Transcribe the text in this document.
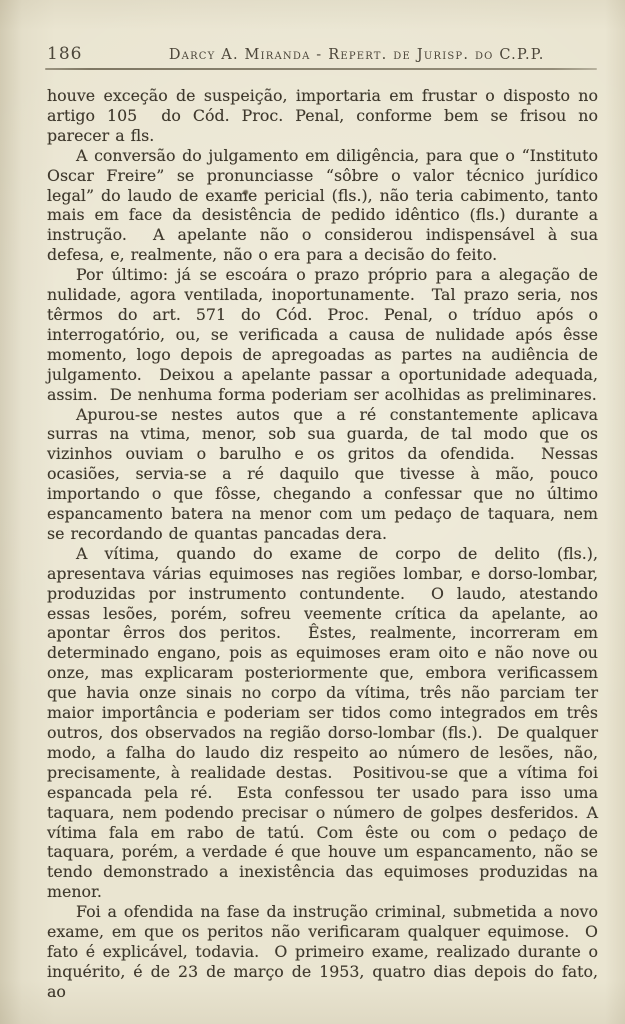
186	Darcy A. Miranda - Repert. de Jurisp. do C.P.P.

houve exceção de suspeição, importaria em frustar o disposto no artigo 105  do Cód. Proc. Penal, conforme bem se frisou no parecer a fls.

A conversão do julgamento em diligência, para que o “Instituto Oscar Freire” se pronunciasse “sôbre o valor técnico jurídico legal” do laudo de exame pericial (fls.), não teria cabimento, tanto mais em face da desistência de pedido idêntico (fls.) durante a instrução.  A apelante não o considerou indispensável à sua defesa, e, realmente, não o era para a decisão do feito.

Por último: já se escoára o prazo próprio para a alegação de nulidade, agora ventilada, inoportunamente.  Tal prazo seria, nos têrmos do art. 571 do Cód. Proc. Penal, o tríduo após o interrogatório, ou, se verificada a causa de nulidade após êsse momento, logo depois de apregoadas as partes na audiência de julgamento.  Deixou a apelante passar a oportunidade adequada, assim.  De nenhuma forma poderiam ser acolhidas as preliminares.

Apurou-se nestes autos que a ré constantemente aplicava surras na vtima, menor, sob sua guarda, de tal modo que os vizinhos ouviam o barulho e os gritos da ofendida.  Nessas ocasiões, servia-se a ré daquilo que tivesse à mão, pouco importando o que fôsse, chegando a confessar que no último espancamento batera na menor com um pedaço de taquara, nem se recordando de quantas pancadas dera.

A vítima, quando do exame de corpo de delito (fls.), apresentava várias equimoses nas regiões lombar, e dorso-lombar, produzidas por instrumento contundente.  O laudo, atestando essas lesões, porém, sofreu veemente crítica da apelante, ao apontar êrros dos peritos.  Êstes, realmente, incorreram em determinado engano, pois as equimoses eram oito e não nove ou onze, mas explicaram posteriormente que, embora verificassem que havia onze sinais no corpo da vítima, três não parciam ter maior importância e poderiam ser tidos como integrados em três outros, dos observados na região dorso-lombar (fls.).  De qualquer modo, a falha do laudo diz respeito ao número de lesões, não, precisamente, à realidade destas.  Positivou-se que a vítima foi espancada pela ré.  Esta confessou ter usado para isso uma taquara, nem podendo precisar o número de golpes desferidos. A vítima fala em rabo de tatú. Com êste ou com o pedaço de taquara, porém, a verdade é que houve um espancamento, não se tendo demonstrado a inexistência das equimoses produzidas na menor.

Foi a ofendida na fase da instrução criminal, submetida a novo exame, em que os peritos não verificaram qualquer equimose.  O fato é explicável, todavia.  O primeiro exame, realizado durante o inquérito, é de 23 de março de 1953, quatro dias depois do fato, ao
